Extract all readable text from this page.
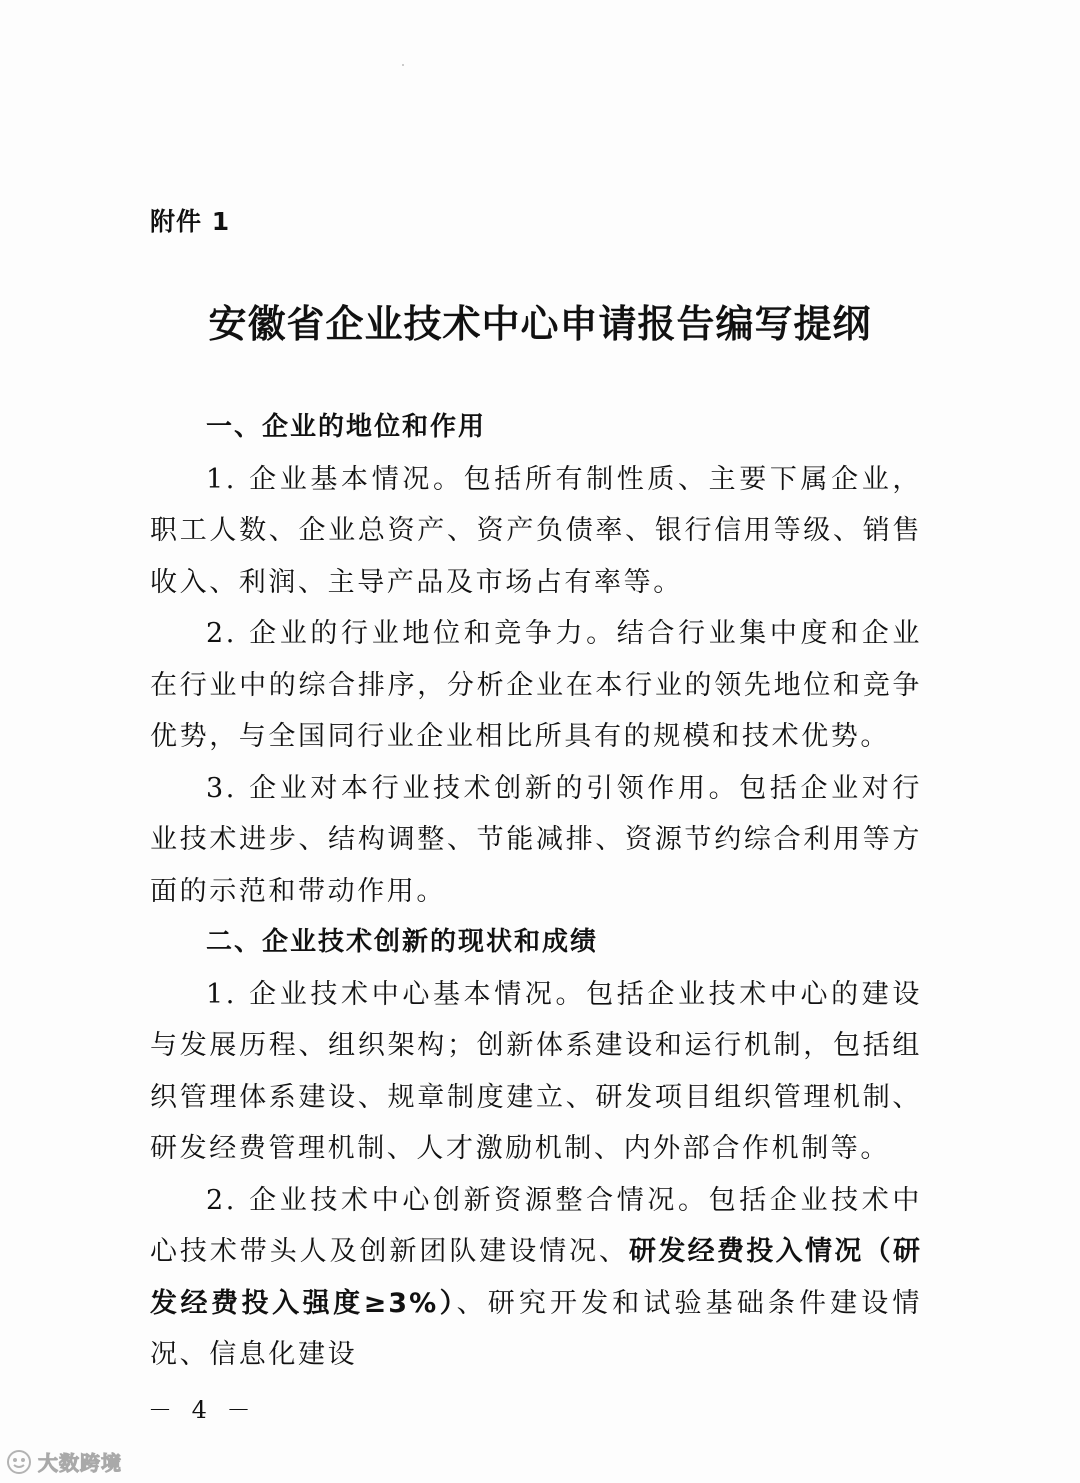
附件 1
安徽省企业技术中心申请报告编写提纲

一、企业的地位和作用

1. 企业基本情况。包括所有制性质、主要下属企业，职工人数、企业总资产、资产负债率、银行信用等级、销售收入、利润、主导产品及市场占有率等。

2. 企业的行业地位和竞争力。结合行业集中度和企业在行业中的综合排序，分析企业在本行业的领先地位和竞争优势，与全国同行业企业相比所具有的规模和技术优势。

3. 企业对本行业技术创新的引领作用。包括企业对行业技术进步、结构调整、节能减排、资源节约综合利用等方面的示范和带动作用。

二、企业技术创新的现状和成绩

1. 企业技术中心基本情况。包括企业技术中心的建设与发展历程、组织架构；创新体系建设和运行机制，包括组织管理体系建设、规章制度建立、研发项目组织管理机制、研发经费管理机制、人才激励机制、内外部合作机制等。

2. 企业技术中心创新资源整合情况。包括企业技术中心技术带头人及创新团队建设情况、研发经费投入情况（研发经费投入强度≥3%）、研究开发和试验基础条件建设情况、信息化建设

－ 4 －
大数跨境
